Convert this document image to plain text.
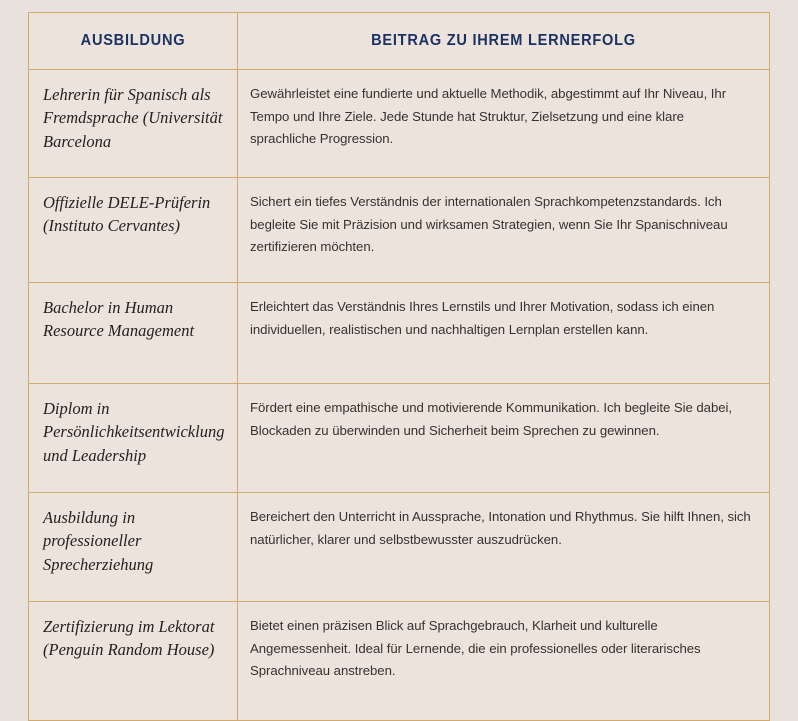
AUSBILDUNG	BEITRAG ZU IHREM LERNERFOLG

Lehrerin für Spanisch als Fremdsprache (Universität Barcelona	Gewährleistet eine fundierte und aktuelle Methodik, abgestimmt auf Ihr Niveau, Ihr Tempo und Ihre Ziele. Jede Stunde hat Struktur, Zielsetzung und eine klare sprachliche Progression.

Offizielle DELE-Prüferin (Instituto Cervantes)	Sichert ein tiefes Verständnis der internationalen Sprachkompetenzstandards. Ich begleite Sie mit Präzision und wirksamen Strategien, wenn Sie Ihr Spanischniveau zertifizieren möchten.

Bachelor in Human Resource Management	Erleichtert das Verständnis Ihres Lernstils und Ihrer Motivation, sodass ich einen individuellen, realistischen und nachhaltigen Lernplan erstellen kann.

Diplom in Persönlichkeitsentwicklung und Leadership	Fördert eine empathische und motivierende Kommunikation. Ich begleite Sie dabei, Blockaden zu überwinden und Sicherheit beim Sprechen zu gewinnen.

Ausbildung in professioneller Sprecherziehung	Bereichert den Unterricht in Aussprache, Intonation und Rhythmus. Sie hilft Ihnen, sich natürlicher, klarer und selbstbewusster auszudrücken.

Zertifizierung im Lektorat (Penguin Random House)	Bietet einen präzisen Blick auf Sprachgebrauch, Klarheit und kulturelle Angemessenheit. Ideal für Lernende, die ein professionelles oder literarisches Sprachniveau anstreben.
